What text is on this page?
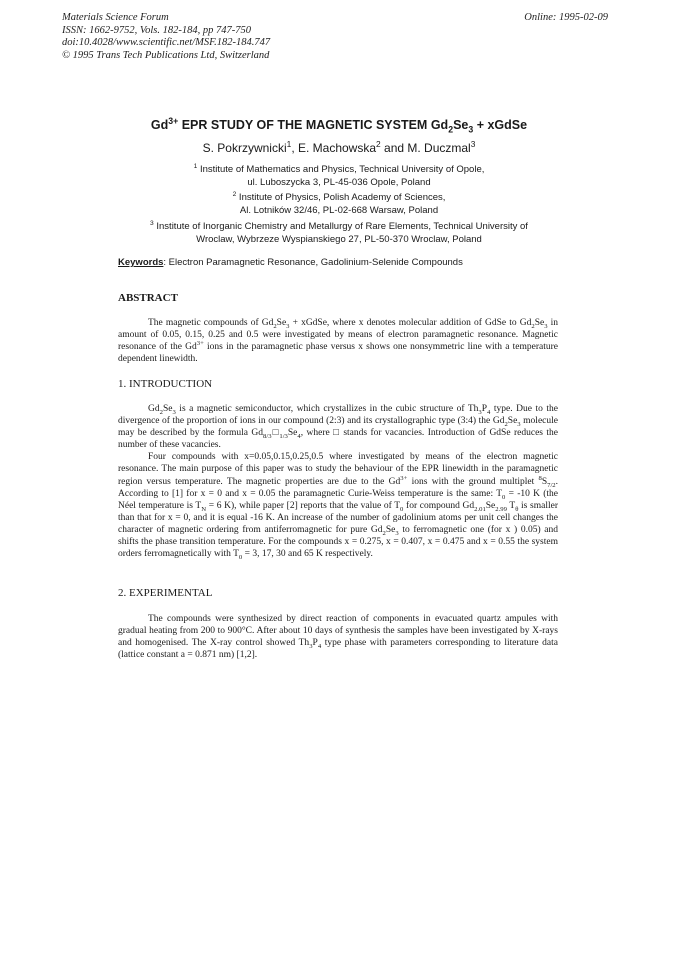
Materials Science Forum
ISSN: 1662-9752, Vols. 182-184, pp 747-750
doi:10.4028/www.scientific.net/MSF.182-184.747
© 1995 Trans Tech Publications Ltd, Switzerland
Online: 1995-02-09
$Gd^{3+}$ EPR STUDY OF THE MAGNETIC SYSTEM $Gd_2Se_3$ + xGdSe
S. Pokrzywnicki$^1$, E. Machowska$^2$ and M. Duczmal$^3$
$^1$ Institute of Mathematics and Physics, Technical University of Opole,
ul. Luboszycka 3, PL-45-036 Opole, Poland
$^2$ Institute of Physics, Polish Academy of Sciences,
Al. Lotników 32/46, PL-02-668 Warsaw, Poland
$^3$ Institute of Inorganic Chemistry and Metallurgy of Rare Elements, Technical University of
Wroclaw, Wybrzeze Wyspianskiego 27, PL-50-370 Wroclaw, Poland
Keywords: Electron Paramagnetic Resonance, Gadolinium-Selenide Compounds
ABSTRACT

The magnetic compounds of $Gd_2Se_3$ + xGdSe, where x denotes molecular addition of GdSe to $Gd_2Se_3$ in amount of 0.05, 0.15, 0.25 and 0.5 were investigated by means of electron paramagnetic resonance. Magnetic resonance of the $Gd^{3+}$ ions in the paramagnetic phase versus x shows one nonsymmetric line with a temperature dependent linewidth.

1. INTRODUCTION

$Gd_2Se_3$ is a magnetic semiconductor, which crystallizes in the cubic structure of $Th_3P_4$ type. Due to the divergence of the proportion of ions in our compound (2:3) and its crystallographic type (3:4) the $Gd_2Se_3$ molecule may be described by the formula $Gd_{8/3}□_{1/3}Se_4$, where □ stands for vacancies. Introduction of GdSe reduces the number of these vacancies.

Four compounds with x=0.05,0.15,0.25,0.5 where investigated by means of the electron magnetic resonance. The main purpose of this paper was to study the behaviour of the EPR linewidth in the paramagnetic region versus temperature. The magnetic properties are due to the $Gd^{3+}$ ions with the ground multiplet $^8S_{7/2}$. According to [1] for x = 0 and x = 0.05 the paramagnetic Curie-Weiss temperature is the same: $T_0 = -10$ K (the Néel temperature is $T_N = 6$ K), while paper [2] reports that the value of $T_0$ for compound $Gd_{2.01}Se_{2.99}$ $T_\theta$ is smaller than that for x = 0, and it is equal -16 K. An increase of the number of gadolinium atoms per unit cell changes the character of magnetic ordering from antiferromagnetic for pure $Gd_2Se_3$ to ferromagnetic one (for x ) 0.05) and shifts the phase transition temperature. For the compounds x = 0.275, x = 0.407, x = 0.475 and x = 0.55 the system orders ferromagnetically with $T_0 = 3$, 17, 30 and 65 K respectively.

2. EXPERIMENTAL

The compounds were synthesized by direct reaction of components in evacuated quartz ampules with gradual heating from 200 to 900°C. After about 10 days of synthesis the samples have been investigated by X-rays and homogenised. The X-ray control showed $Th_3P_4$ type phase with parameters corresponding to literature data (lattice constant a = 0.871 nm) [1,2].
